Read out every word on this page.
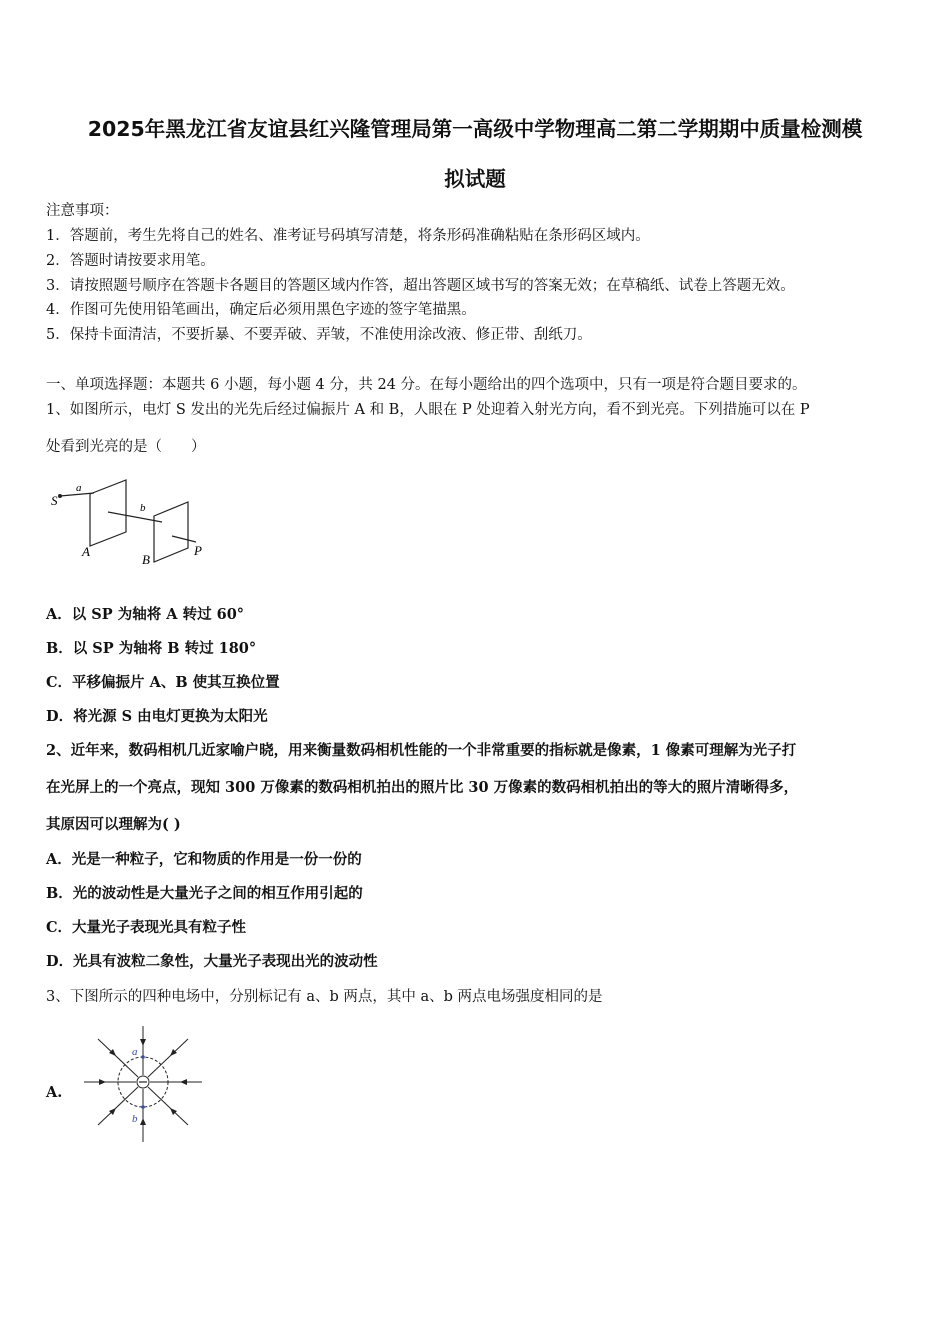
2025年黑龙江省友谊县红兴隆管理局第一高级中学物理高二第二学期期中质量检测模
拟试题
注意事项：
1．答题前，考生先将自己的姓名、准考证号码填写清楚，将条形码准确粘贴在条形码区域内。
2．答题时请按要求用笔。
3．请按照题号顺序在答题卡各题目的答题区域内作答，超出答题区域书写的答案无效；在草稿纸、试卷上答题无效。
4．作图可先使用铅笔画出，确定后必须用黑色字迹的签字笔描黑。
5．保持卡面清洁，不要折暴、不要弄破、弄皱，不准使用涂改液、修正带、刮纸刀。
一、单项选择题：本题共 6 小题，每小题 4 分，共 24 分。在每小题给出的四个选项中，只有一项是符合题目要求的。
1、如图所示，电灯 S 发出的光先后经过偏振片 A 和 B，人眼在 P 处迎着入射光方向，看不到光亮。下列措施可以在 P
处看到光亮的是（　　）
S
a
b
A
B
P
A．以 SP 为轴将 A 转过 60°
B．以 SP 为轴将 B 转过 180°
C．平移偏振片 A、B 使其互换位置
D．将光源 S 由电灯更换为太阳光
2、近年来，数码相机几近家喻户晓，用来衡量数码相机性能的一个非常重要的指标就是像素，1 像素可理解为光子打
在光屏上的一个亮点，现知 300 万像素的数码相机拍出的照片比 30 万像素的数码相机拍出的等大的照片清晰得多，
其原因可以理解为( )
A．光是一种粒子，它和物质的作用是一份一份的
B．光的波动性是大量光子之间的相互作用引起的
C．大量光子表现光具有粒子性
D．光具有波粒二象性，大量光子表现出光的波动性
3、下图所示的四种电场中，分别标记有 a、b 两点，其中 a、b 两点电场强度相同的是
A.
a
b
